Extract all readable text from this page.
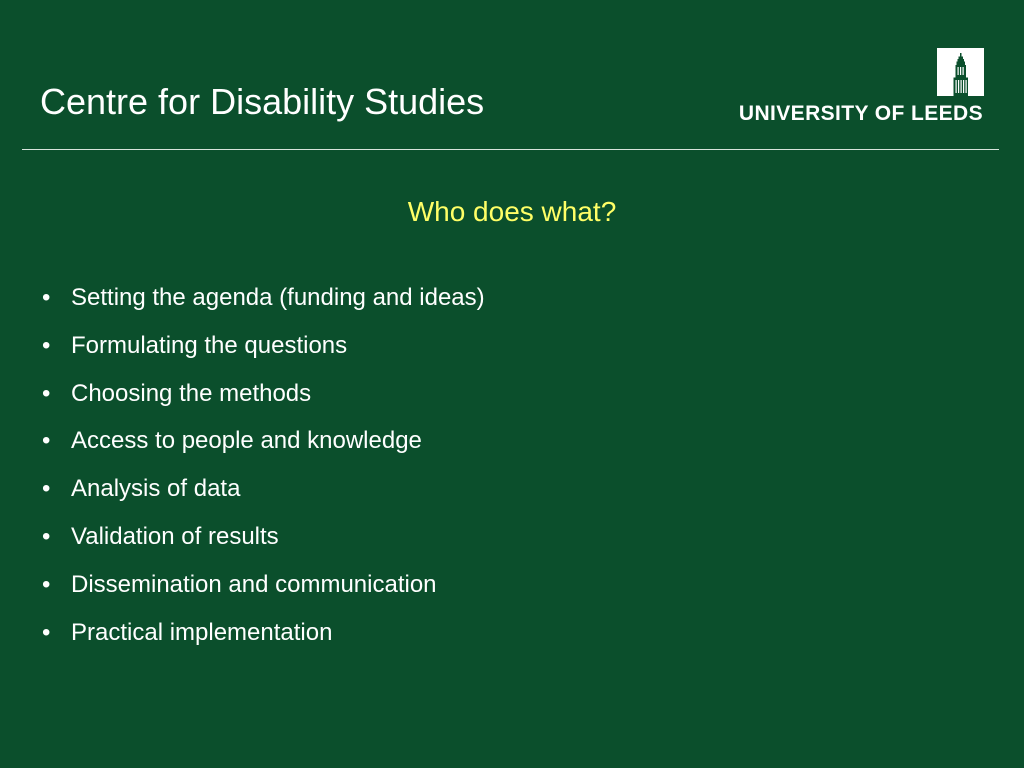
Centre for Disability Studies	UNIVERSITY OF LEEDS
Who does what?
• Setting the agenda (funding and ideas)
• Formulating the questions
• Choosing the methods
• Access to people and knowledge
• Analysis of data
• Validation of results
• Dissemination and communication
• Practical implementation
